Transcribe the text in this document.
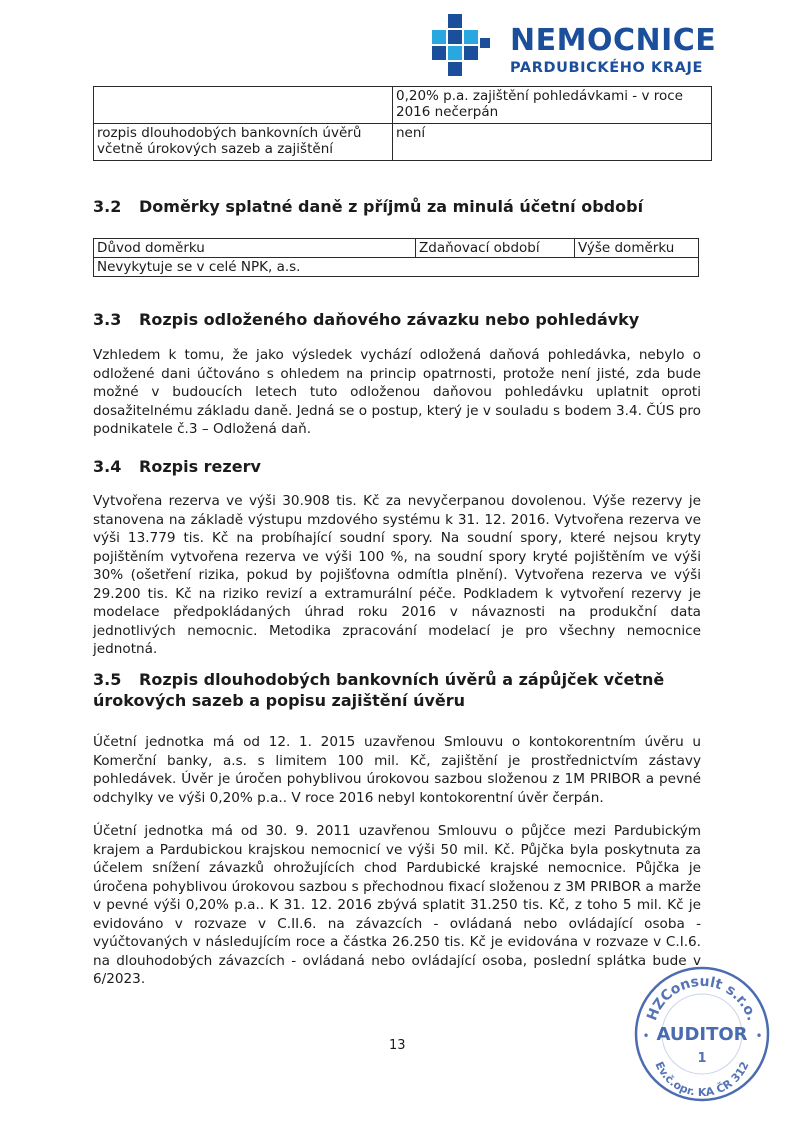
NEMOCNICE
PARDUBICKÉHO KRAJE
	0,20% p.a. zajištění pohledávkami - v roce 2016 nečerpán
rozpis dlouhodobých bankovních úvěrů včetně úrokových sazeb a zajištění	není
3.2 Doměrky splatné daně z příjmů za minulá účetní období
Důvod doměrku	Zdaňovací období	Výše doměrku
Nevykytuje se v celé NPK, a.s.
3.3 Rozpis odloženého daňového závazku nebo pohledávky

Vzhledem k tomu, že jako výsledek vychází odložená daňová pohledávka, nebylo o odložené dani účtováno s ohledem na princip opatrnosti, protože není jisté, zda bude možné v budoucích letech tuto odloženou daňovou pohledávku uplatnit oproti dosažitelnému základu daně. Jedná se o postup, který je v souladu s bodem 3.4. ČÚS pro podnikatele č.3 – Odložená daň.

3.4 Rozpis rezerv

Vytvořena rezerva ve výši 30.908 tis. Kč za nevyčerpanou dovolenou. Výše rezervy je stanovena na základě výstupu mzdového systému k 31. 12. 2016. Vytvořena rezerva ve výši 13.779 tis. Kč na probíhající soudní spory. Na soudní spory, které nejsou kryty pojištěním vytvořena rezerva ve výši 100 %, na soudní spory kryté pojištěním ve výši 30% (ošetření rizika, pokud by pojišťovna odmítla plnění). Vytvořena rezerva ve výši 29.200 tis. Kč na riziko revizí a extramurální péče. Podkladem k vytvoření rezervy je modelace předpokládaných úhrad roku 2016 v návaznosti na produkční data jednotlivých nemocnic. Metodika zpracování modelací je pro všechny nemocnice jednotná.

3.5 Rozpis dlouhodobých bankovních úvěrů a zápůjček včetně úrokových sazeb a popisu zajištění úvěru

Účetní jednotka má od 12. 1. 2015 uzavřenou Smlouvu o kontokorentním úvěru u Komerční banky, a.s. s limitem 100 mil. Kč, zajištění je prostřednictvím zástavy pohledávek. Úvěr je úročen pohyblivou úrokovou sazbou složenou z 1M PRIBOR a pevné odchylky ve výši 0,20% p.a.. V roce 2016 nebyl kontokorentní úvěr čerpán.

Účetní jednotka má od 30. 9. 2011 uzavřenou Smlouvu o půjčce mezi Pardubickým krajem a Pardubickou krajskou nemocnicí ve výši 50 mil. Kč. Půjčka byla poskytnuta za účelem snížení závazků ohrožujících chod Pardubické krajské nemocnice. Půjčka je úročena pohyblivou úrokovou sazbou s přechodnou fixací složenou z 3M PRIBOR a marže v pevné výši 0,20% p.a.. K 31. 12. 2016 zbývá splatit 31.250 tis. Kč, z toho 5 mil. Kč je evidováno v rozvaze v C.II.6. na závazcích - ovládaná nebo ovládající osoba - vyúčtovaných v následujícím roce a částka 26.250 tis. Kč je evidována v rozvaze v C.I.6. na dlouhodobých závazcích - ovládaná nebo ovládající osoba, poslední splátka bude v 6/2023.

13
HZConsult s.r.o.
AUDITOR
•	•
1
Ev.č.opr. KA ČR 312
